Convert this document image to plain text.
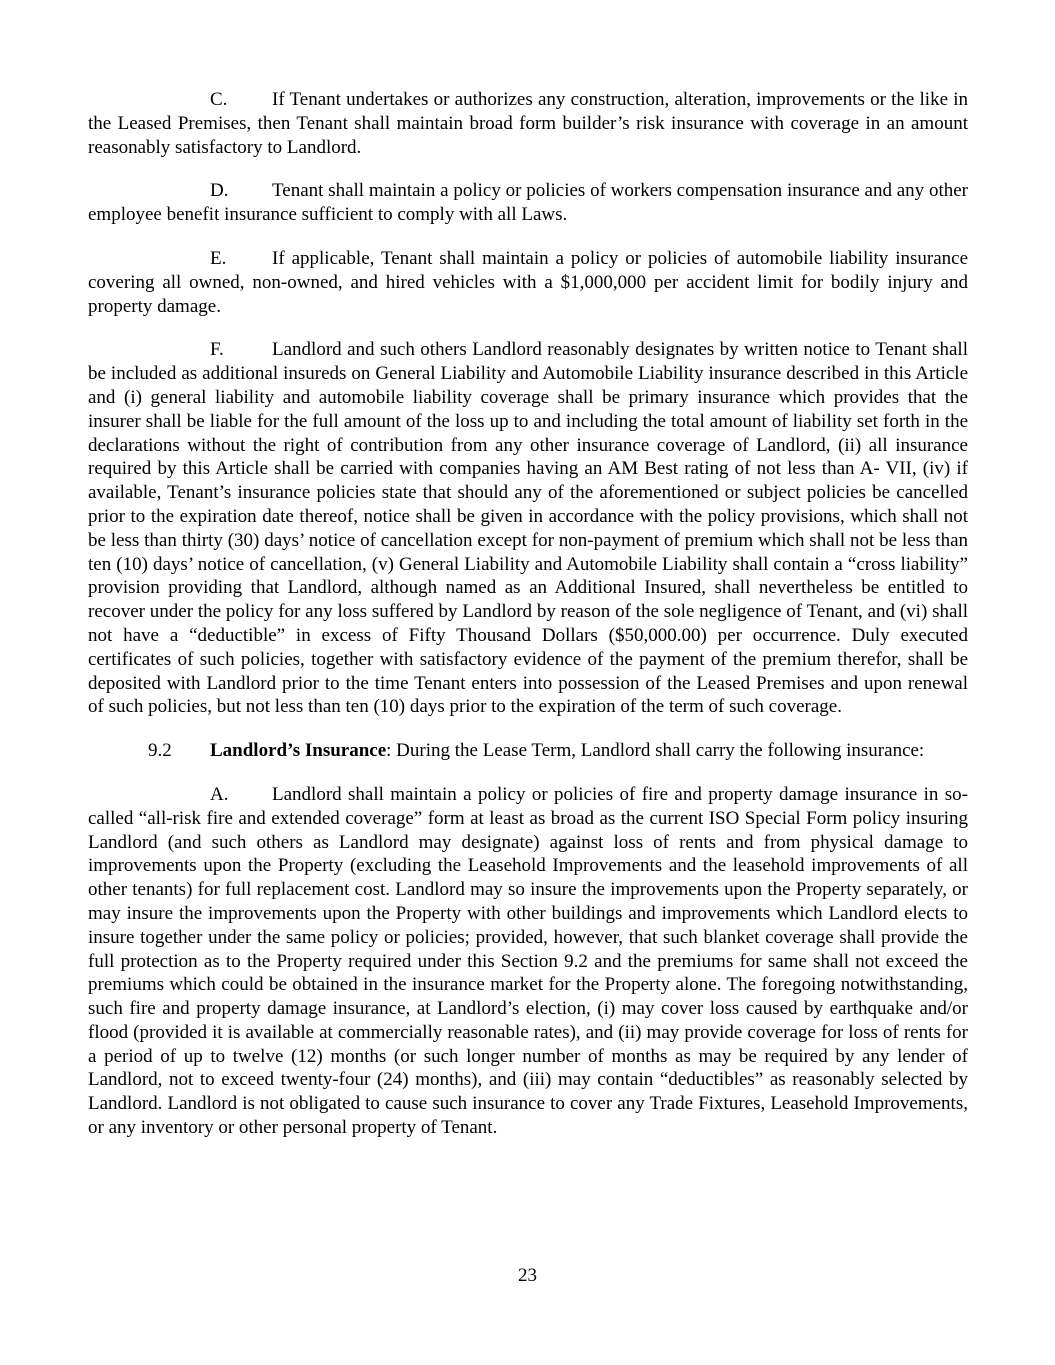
C. If Tenant undertakes or authorizes any construction, alteration, improvements or the like in the Leased Premises, then Tenant shall maintain broad form builder’s risk insurance with coverage in an amount reasonably satisfactory to Landlord.

D. Tenant shall maintain a policy or policies of workers compensation insurance and any other employee benefit insurance sufficient to comply with all Laws.

E. If applicable, Tenant shall maintain a policy or policies of automobile liability insurance covering all owned, non-owned, and hired vehicles with a $1,000,000 per accident limit for bodily injury and property damage.

F.	Landlord and such others Landlord reasonably designates by written notice to Tenant shall be included as additional insureds on General Liability and Automobile Liability insurance described in this Article and (i) general liability and automobile liability coverage shall be primary insurance which provides that the insurer shall be liable for the full amount of the loss up to and including the total amount of liability set forth in the declarations without the right of contribution from any other insurance coverage of Landlord, (ii) all insurance required by this Article shall be carried with companies having an AM Best rating of not less than A- VII, (iv) if available, Tenant’s insurance policies state that should any of the aforementioned or subject policies be cancelled prior to the expiration date thereof, notice shall be given in accordance with the policy provisions, which shall not be less than thirty (30) days’ notice of cancellation except for non-payment of premium which shall not be less than ten (10) days’ notice of cancellation, (v) General Liability and Automobile Liability shall contain a “cross liability” provision providing that Landlord, although named as an Additional Insured, shall nevertheless be entitled to recover under the policy for any loss suffered by Landlord by reason of the sole negligence of Tenant, and (vi) shall not have a “deductible” in excess of Fifty Thousand Dollars ($50,000.00) per occurrence. Duly executed certificates of such policies, together with satisfactory evidence of the payment of the premium therefor, shall be deposited with Landlord prior to the time Tenant enters into possession of the Leased Premises and upon renewal of such policies, but not less than ten (10) days prior to the expiration of the term of such coverage.

9.2 Landlord’s Insurance: During the Lease Term, Landlord shall carry the following insurance:

A. Landlord shall maintain a policy or policies of fire and property damage insurance in so-called “all-risk fire and extended coverage” form at least as broad as the current ISO Special Form policy insuring Landlord (and such others as Landlord may designate) against loss of rents and from physical damage to improvements upon the Property (excluding the Leasehold Improvements and the leasehold improvements of all other tenants) for full replacement cost. Landlord may so insure the improvements upon the Property separately, or may insure the improvements upon the Property with other buildings and improvements which Landlord elects to insure together under the same policy or policies; provided, however, that such blanket coverage shall provide the full protection as to the Property required under this Section 9.2 and the premiums for same shall not exceed the premiums which could be obtained in the insurance market for the Property alone. The foregoing notwithstanding, such fire and property damage insurance, at Landlord’s election, (i) may cover loss caused by earthquake and/or flood (provided it is available at commercially reasonable rates), and (ii) may provide coverage for loss of rents for a period of up to twelve (12) months (or such longer number of months as may be required by any lender of Landlord, not to exceed twenty-four (24) months), and (iii) may contain “deductibles” as reasonably selected by Landlord. Landlord is not obligated to cause such insurance to cover any Trade Fixtures, Leasehold Improvements, or any inventory or other personal property of Tenant.

23
